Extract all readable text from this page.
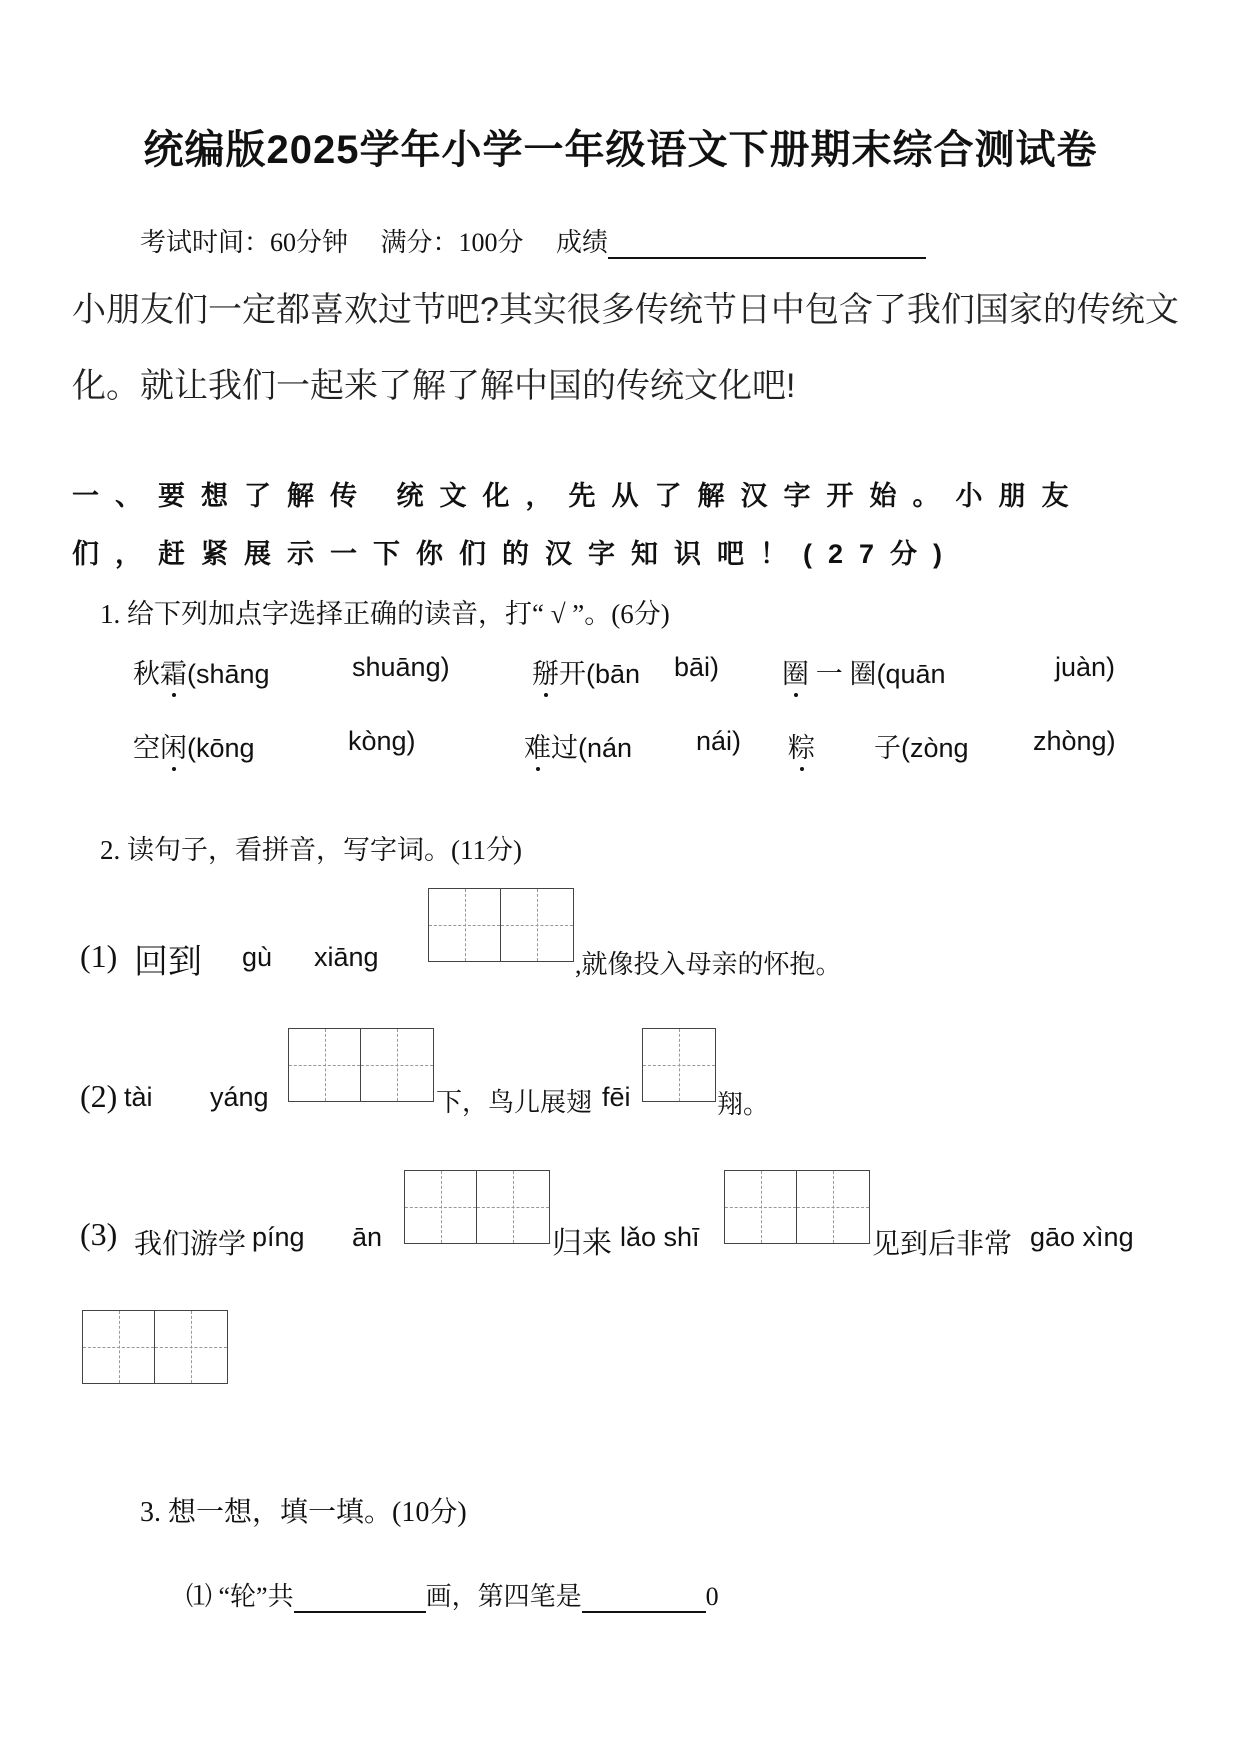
统编版2025学年小学一年级语文下册期末综合测试卷
考试时间：60分钟 满分：100分 成绩
小朋友们一定都喜欢过节吧?其实很多传统节日中包含了我们国家的传统文
化。就让我们一起来了解了解中国的传统文化吧!
一、要想了解传 统文化，先从了解汉字开始。小朋友
们，赶紧展示一下你们的汉字知识吧！(27分)
1. 给下列加点字选择正确的读音，打“ √ ”。(6分)
秋霜(shāng	shuāng)	掰开(bān bāi) 圈 一 圈(quān	juàn)
空闲(kōng	kòng)	难过(nán nái) 粽 子(zòng zhòng)
2. 读句子，看拼音，写字词。(11分)
(1) 回到 gù xiāng	,就像投入母亲的怀抱。
(2) tài yáng	下，鸟儿展翅 fēi	翔。
(3) 我们游学 píng ān	归来 lǎo shī	见到后非常 gāo xìng
3. 想一想，填一填。(10分)
⑴ “轮”共	画，第四笔是	0
